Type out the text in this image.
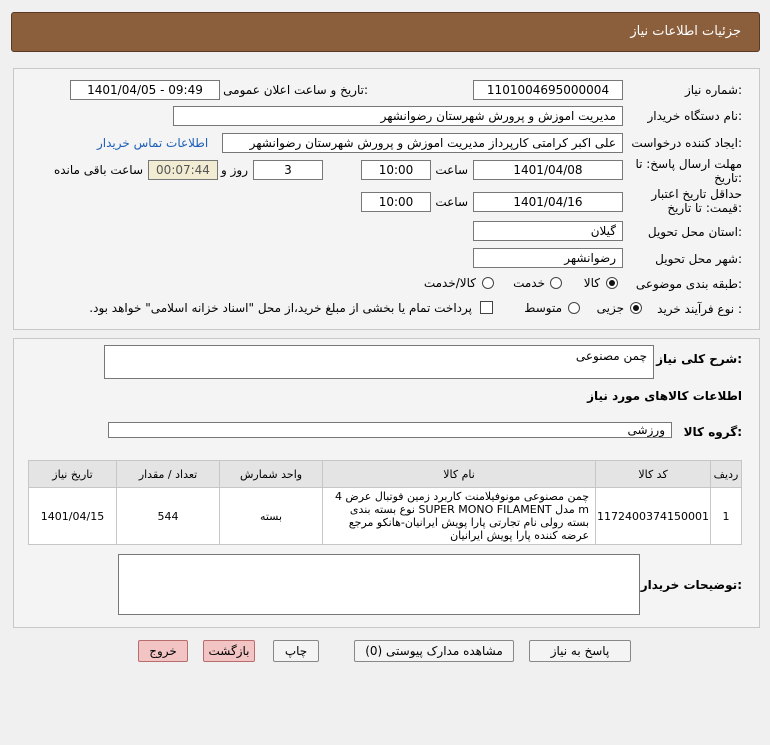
جزئیات اطلاعات نیاز
شماره نیاز:
1101004695000004
تاریخ و ساعت اعلان عمومی:
1401/04/05 - 09:49
نام دستگاه خریدار:
مدیریت اموزش و پرورش شهرستان رضوانشهر
ایجاد کننده درخواست:
علی اکبر کرامتی کارپرداز مدیریت اموزش و پرورش شهرستان رضوانشهر
اطلاعات تماس خریدار
مهلت ارسال پاسخ: تا
تاریخ:
1401/04/08
ساعت
10:00
3
روز و
00:07:44
ساعت باقی مانده
حداقل تاریخ اعتبار
قیمت: تا تاریخ:
1401/04/16
ساعت
10:00
استان محل تحویل:
گیلان
شهر محل تحویل:
رضوانشهر
طبقه بندی موضوعی:
کالا
خدمت
کالا/خدمت
نوع فرآیند خرید :
جزیی
متوسط
پرداخت تمام یا بخشی از مبلغ خرید،از محل "اسناد خزانه اسلامی" خواهد بود.
شرح کلی نیاز:
چمن مصنوعی
اطلاعات کالاهای مورد نیاز
گروه کالا:
ورزشی
ردیف	کد کالا	نام کالا	واحد شمارش	تعداد / مقدار	تاریخ نیاز
1	1172400374150001	چمن مصنوعی مونوفیلامنت کاربرد زمین فوتبال عرض 4 m مدل SUPER MONO FILAMENT نوع بسته بندی بسته رولی نام تجارتی پارا پویش ایرانیان-هانکو مرجع عرضه کننده پارا پویش ایرانیان	بسته	544	1401/04/15
توضیحات خریدار:
پاسخ به نیاز
مشاهده مدارک پیوستی (0)
چاپ
بازگشت
خروج
